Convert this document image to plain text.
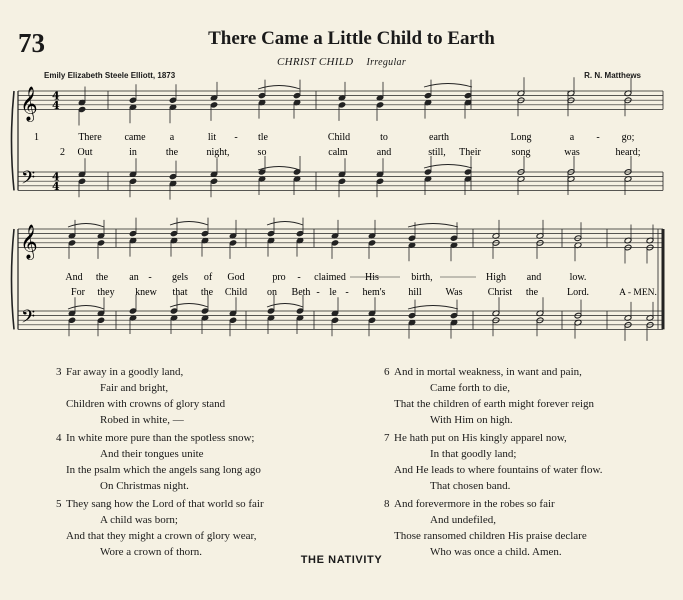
73	There Came a Little Child to Earth
CHRIST CHILD Irregular
Emily Elizabeth Steele Elliott, 1873	R. N. Matthews
𝄞
𝄢
4
4
4
4
𝄞
𝄢
1
2
There came a	lit - tle	Child	to	earth	Long	a - go;
Out	in	the	night,	so	calm	and	still, Their	song	was	heard;
And the an - gels of God	pro - claimed His	birth,	High and	low.
For they knew that the Child on Beth - le - hem's hill Was	Christ the	Lord.	A - MEN.
3 Far away in a goodly land,
Fair and bright,
Children with crowns of glory stand
Robed in white, —
4 In white more pure than the spotless snow;
And their tongues unite
In the psalm which the angels sang long ago
On Christmas night.
5 They sang how the Lord of that world so fair
A child was born;
And that they might a crown of glory wear,
Wore a crown of thorn.
6 And in mortal weakness, in want and pain,
Came forth to die,
That the children of earth might forever reign
With Him on high.
7 He hath put on His kingly apparel now,
In that goodly land;
And He leads to where fountains of water flow.
That chosen band.
8 And forevermore in the robes so fair
And undefiled,
Those ransomed children His praise declare
Who was once a child. Amen.
THE NATIVITY
